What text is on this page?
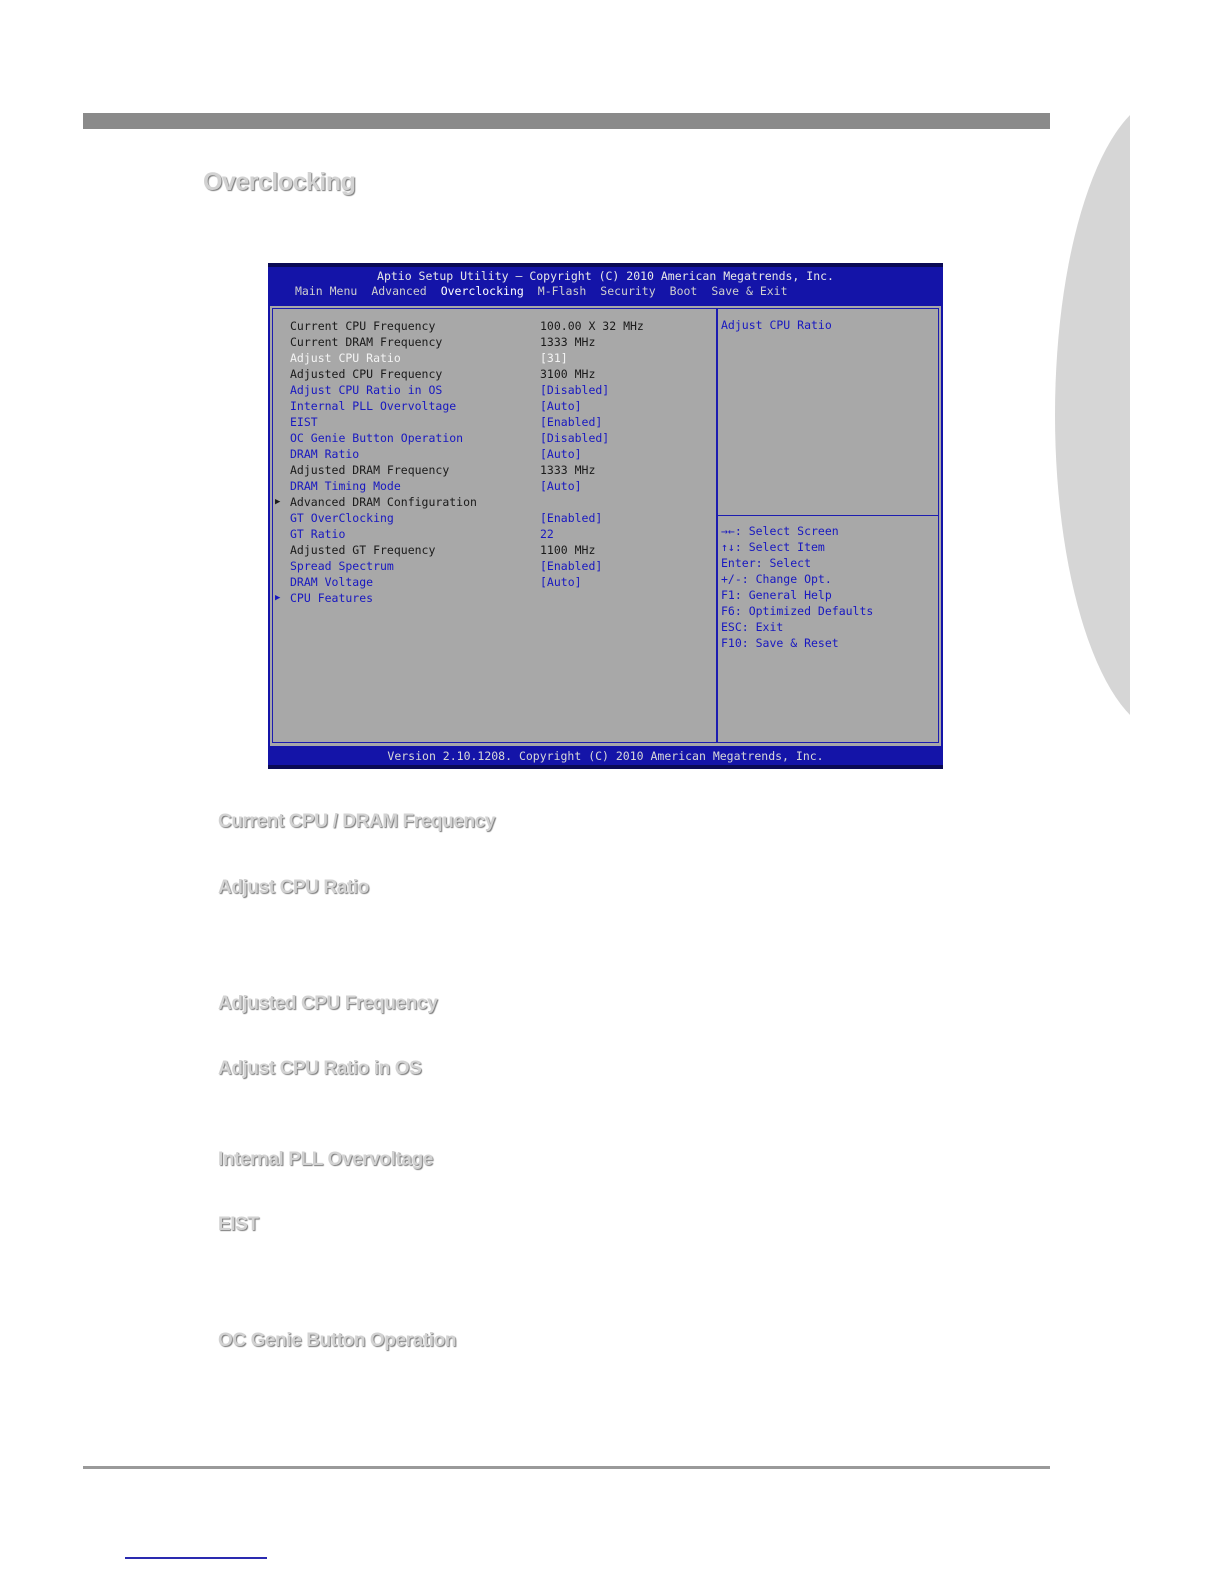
Overclocking
Aptio Setup Utility – Copyright (C) 2010 American Megatrends, Inc.
Main Menu	Advanced	Overclocking	M-Flash	Security	Boot	Save & Exit
Current CPU Frequency	100.00 X 32 MHz
Current DRAM Frequency	1333 MHz
Adjust CPU Ratio	[31]
Adjusted CPU Frequency	3100 MHz
Adjust CPU Ratio in OS	[Disabled]
Internal PLL Overvoltage	[Auto]
EIST	[Enabled]
OC Genie Button Operation	[Disabled]
DRAM Ratio	[Auto]
Adjusted DRAM Frequency	1333 MHz
DRAM Timing Mode	[Auto]
▶ Advanced DRAM Configuration
GT OverClocking	[Enabled]
GT Ratio	22
Adjusted GT Frequency	1100 MHz
Spread Spectrum	[Enabled]
DRAM Voltage	[Auto]
▶ CPU Features
Adjust CPU Ratio
→←: Select Screen
↑↓: Select Item
Enter: Select
+/-: Change Opt.
F1: General Help
F6: Optimized Defaults
ESC: Exit
F10: Save & Reset
Version 2.10.1208. Copyright (C) 2010 American Megatrends, Inc.
Current CPU / DRAM Frequency
Adjust CPU Ratio
Adjusted CPU Frequency
Adjust CPU Ratio in OS
Internal PLL Overvoltage
EIST
OC Genie Button Operation
